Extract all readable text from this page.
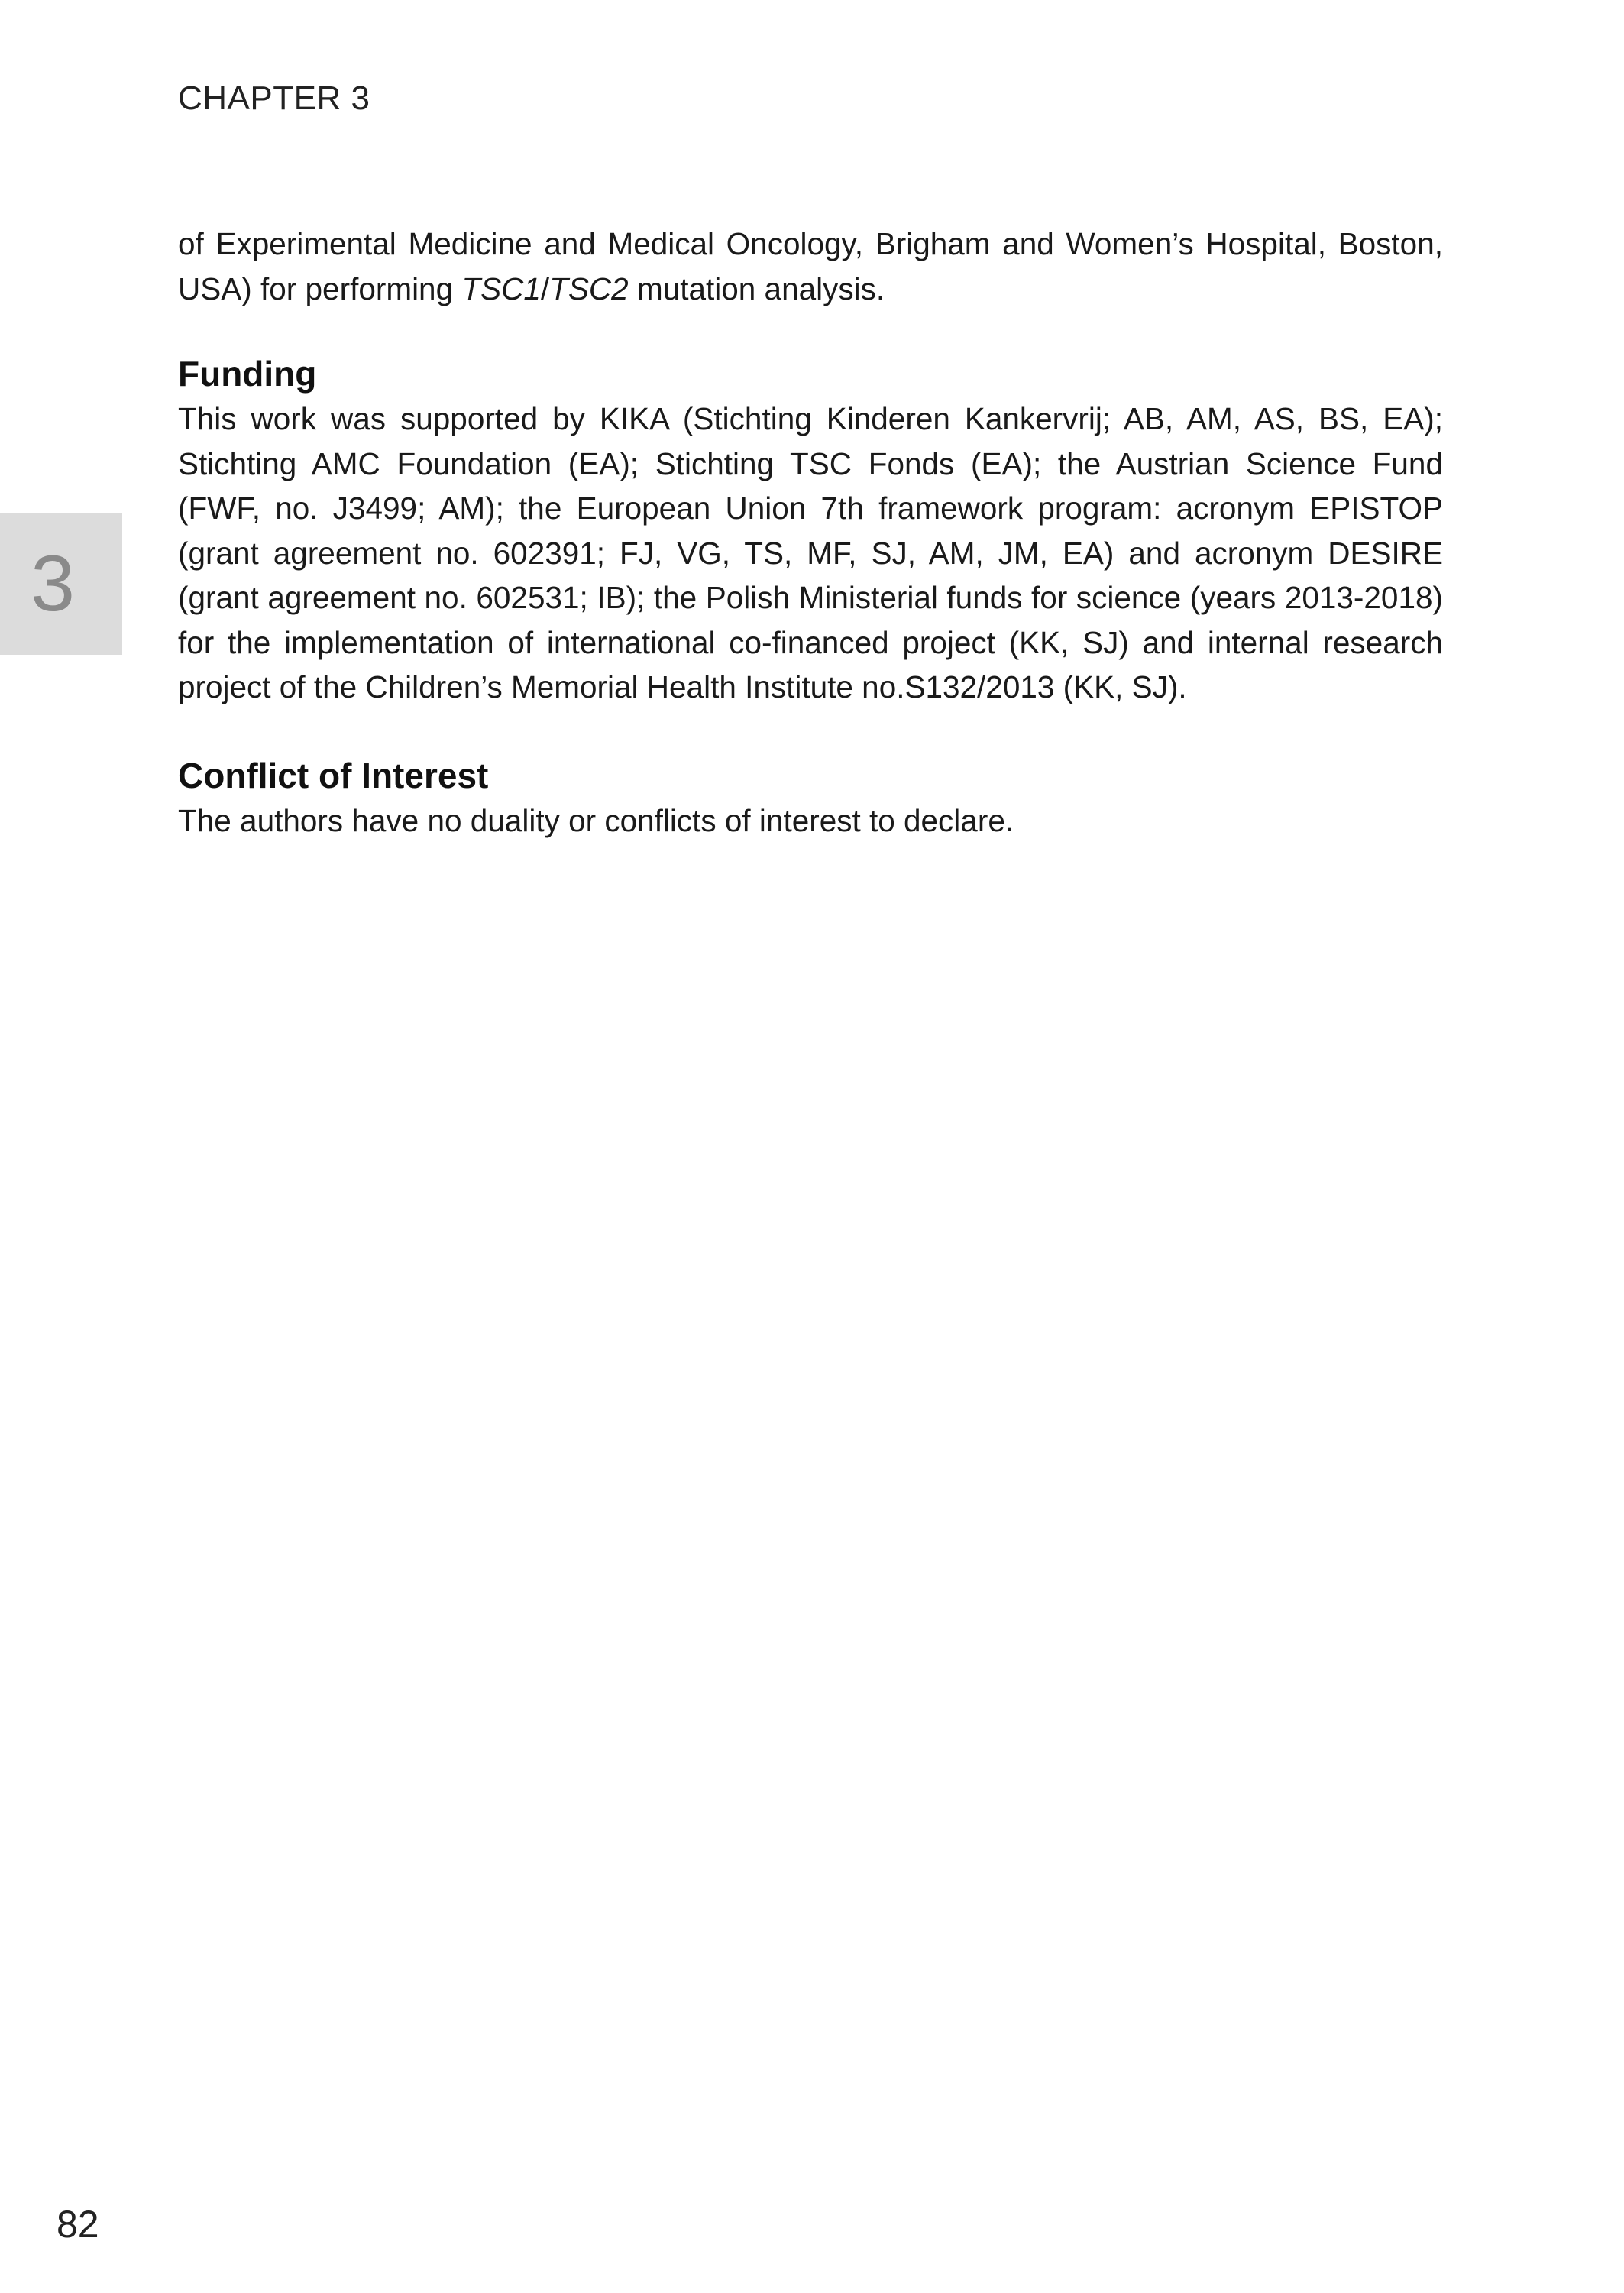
CHAPTER 3
3

of Experimental Medicine and Medical Oncology, Brigham and Women’s Hospital, Boston, USA) for performing TSC1/TSC2 mutation analysis.

Funding

This work was supported by KIKA (Stichting Kinderen Kankervrij; AB, AM, AS, BS, EA); Stichting AMC Foundation (EA); Stichting TSC Fonds (EA); the Austrian Science Fund (FWF, no. J3499; AM); the European Union 7th framework program: acronym EPISTOP (grant agreement no. 602391; FJ, VG, TS, MF, SJ, AM, JM, EA) and acronym DESIRE (grant agreement no. 602531; IB); the Polish Ministerial funds for science (years 2013-2018) for the implementation of international co-financed project (KK, SJ) and internal research project of the Children’s Memorial Health Institute no.S132/2013 (KK, SJ).

Conflict of Interest

The authors have no duality or conflicts of interest to declare.

82
